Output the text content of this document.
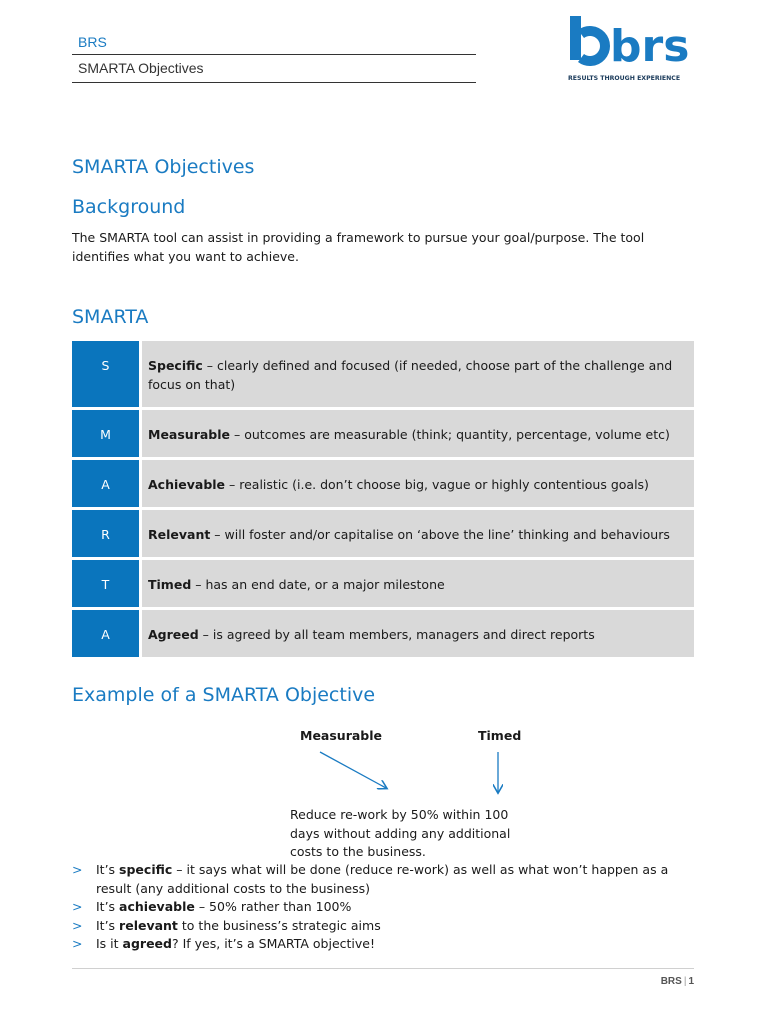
BRS
SMARTA Objectives	brs
RESULTS THROUGH EXPERIENCE
SMARTA Objectives
Background

The SMARTA tool can assist in providing a framework to pursue your goal/purpose. The tool identifies what you want to achieve.

SMARTA
S	Specific – clearly defined and focused (if needed, choose part of the challenge and focus on that)
M	Measurable – outcomes are measurable (think; quantity, percentage, volume etc)
A	Achievable – realistic (i.e. don’t choose big, vague or highly contentious goals)
R	Relevant – will foster and/or capitalise on ‘above the line’ thinking and behaviours
T	Timed – has an end date, or a major milestone
A	Agreed – is agreed by all team members, managers and direct reports
Example of a SMARTA Objective
Measurable	Timed
Reduce re-work by 50% within 100 days without adding any additional costs to the business.
> It’s specific – it says what will be done (reduce re-work) as well as what won’t happen as a result (any additional costs to the business)
> It’s achievable – 50% rather than 100%
> It’s relevant to the business’s strategic aims
> Is it agreed? If yes, it’s a SMARTA objective!
BRS | 1
